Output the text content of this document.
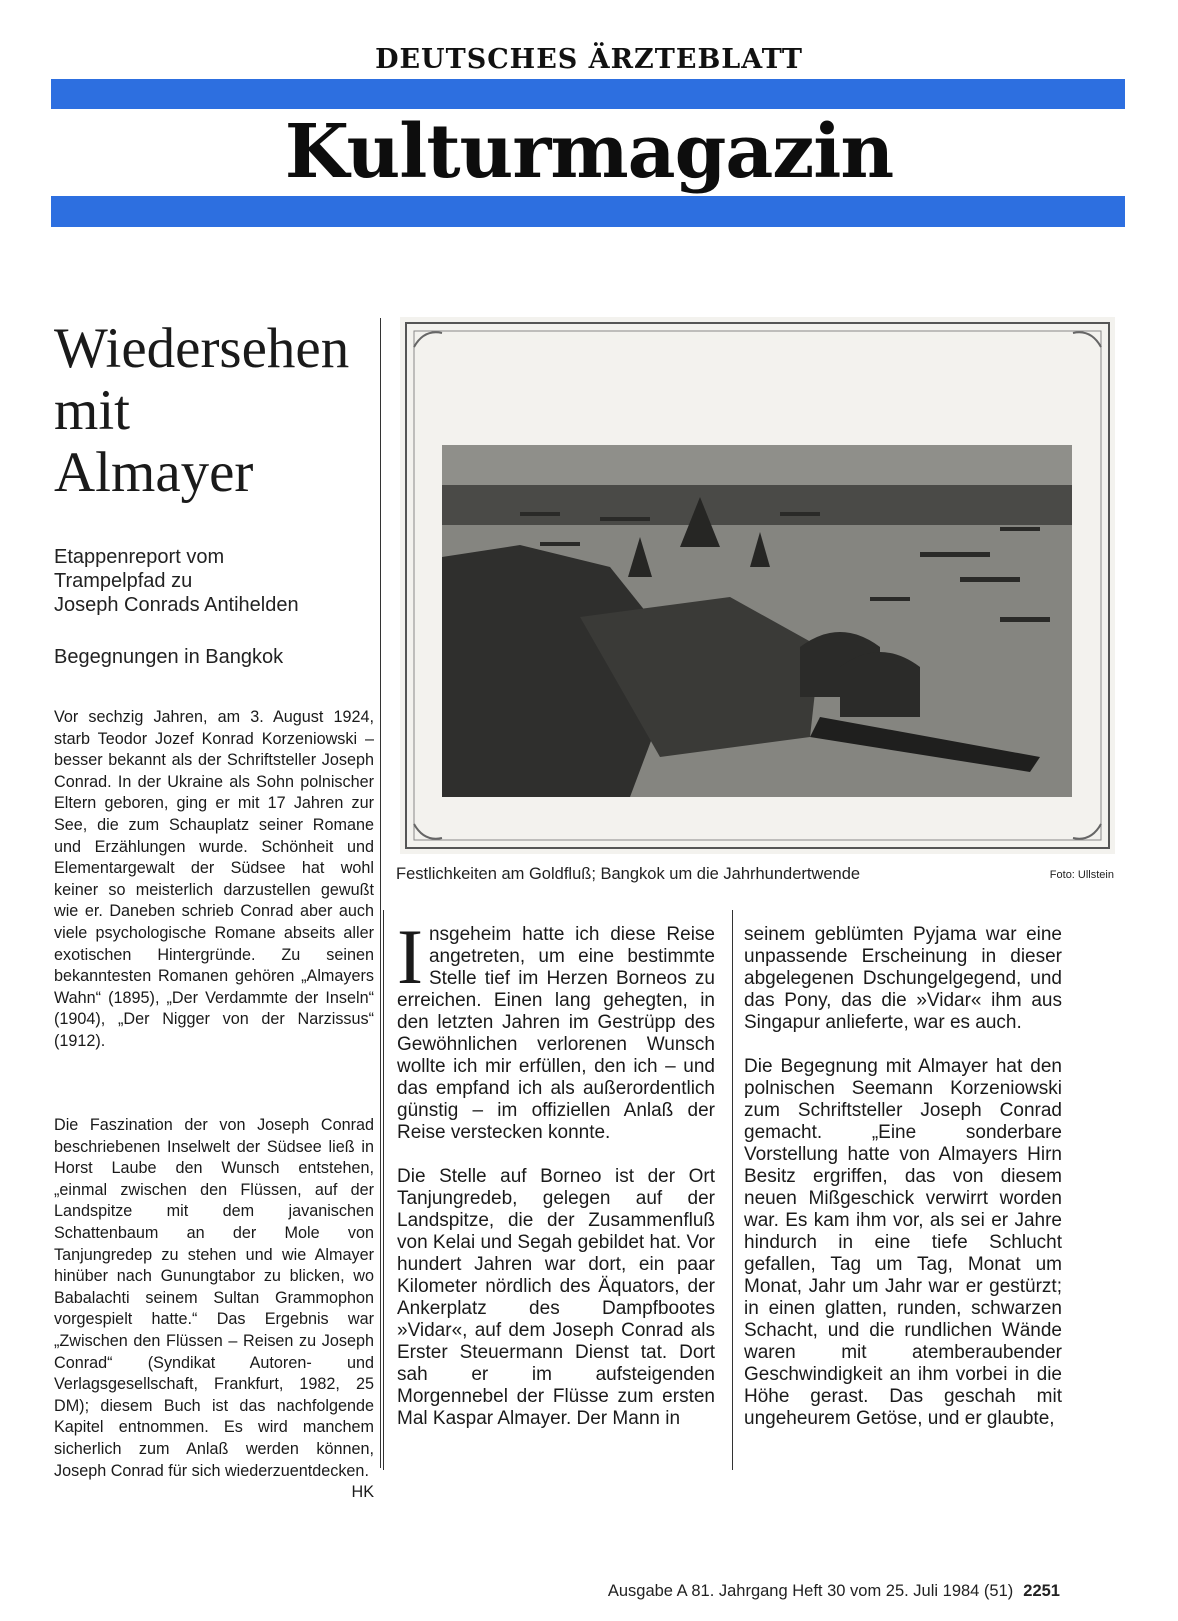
DEUTSCHES ÄRZTEBLATT
Kulturmagazin
Wiedersehen
mit
Almayer
Etappenreport vom
Trampelpfad zu
Joseph Conrads Antihelden
Begegnungen in Bangkok

Vor sechzig Jahren, am 3. August 1924, starb Teodor Jozef Konrad Korzeniowski – besser bekannt als der Schriftsteller Joseph Conrad. In der Ukraine als Sohn polnischer Eltern geboren, ging er mit 17 Jahren zur See, die zum Schauplatz seiner Romane und Erzählungen wurde. Schönheit und Elementargewalt der Südsee hat wohl keiner so meisterlich darzustellen gewußt wie er. Daneben schrieb Conrad aber auch viele psychologische Romane abseits aller exotischen Hintergründe. Zu seinen bekanntesten Romanen gehören „Almayers Wahn“ (1895), „Der Verdammte der Inseln“ (1904), „Der Nigger von der Narzissus“ (1912).

Die Faszination der von Joseph Conrad beschriebenen Inselwelt der Südsee ließ in Horst Laube den Wunsch entstehen, „einmal zwischen den Flüssen, auf der Landspitze mit dem javanischen Schattenbaum an der Mole von Tanjungredep zu stehen und wie Almayer hinüber nach Gunungtabor zu blicken, wo Babalachti seinem Sultan Grammophon vorgespielt hatte.“ Das Ergebnis war „Zwischen den Flüssen – Reisen zu Joseph Conrad“ (Syndikat Autoren- und Verlagsgesellschaft, Frankfurt, 1982, 25 DM); diesem Buch ist das nachfolgende Kapitel entnommen. Es wird manchem sicherlich zum Anlaß werden können, Joseph Conrad für sich wiederzuentdecken.
HK

Festlichkeiten am Goldfluß; Bangkok um die Jahrhundertwende	Foto: Ullstein

Insgeheim hatte ich diese Reise angetreten, um eine bestimmte Stelle tief im Herzen Borneos zu erreichen. Einen lang gehegten, in den letzten Jahren im Gestrüpp des Gewöhnlichen verlorenen Wunsch wollte ich mir erfüllen, den ich – und das empfand ich als außerordentlich günstig – im offiziellen Anlaß der Reise verstecken konnte.

Die Stelle auf Borneo ist der Ort Tanjungredeb, gelegen auf der Landspitze, die der Zusammenfluß von Kelai und Segah gebildet hat. Vor hundert Jahren war dort, ein paar Kilometer nördlich des Äquators, der Ankerplatz des Dampfbootes »Vidar«, auf dem Joseph Conrad als Erster Steuermann Dienst tat. Dort sah er im aufsteigenden Morgennebel der Flüsse zum ersten Mal Kaspar Almayer. Der Mann in

seinem geblümten Pyjama war eine unpassende Erscheinung in dieser abgelegenen Dschungelgegend, und das Pony, das die »Vidar« ihm aus Singapur anlieferte, war es auch.

Die Begegnung mit Almayer hat den polnischen Seemann Korzeniowski zum Schriftsteller Joseph Conrad gemacht. „Eine sonderbare Vorstellung hatte von Almayers Hirn Besitz ergriffen, das von diesem neuen Mißgeschick verwirrt worden war. Es kam ihm vor, als sei er Jahre hindurch in eine tiefe Schlucht gefallen, Tag um Tag, Monat um Monat, Jahr um Jahr war er gestürzt; in einen glatten, runden, schwarzen Schacht, und die rundlichen Wände waren mit atemberaubender Geschwindigkeit an ihm vorbei in die Höhe gerast. Das geschah mit ungeheurem Getöse, und er glaubte,

Ausgabe A 81. Jahrgang Heft 30 vom 25. Juli 1984 (51) 2251
